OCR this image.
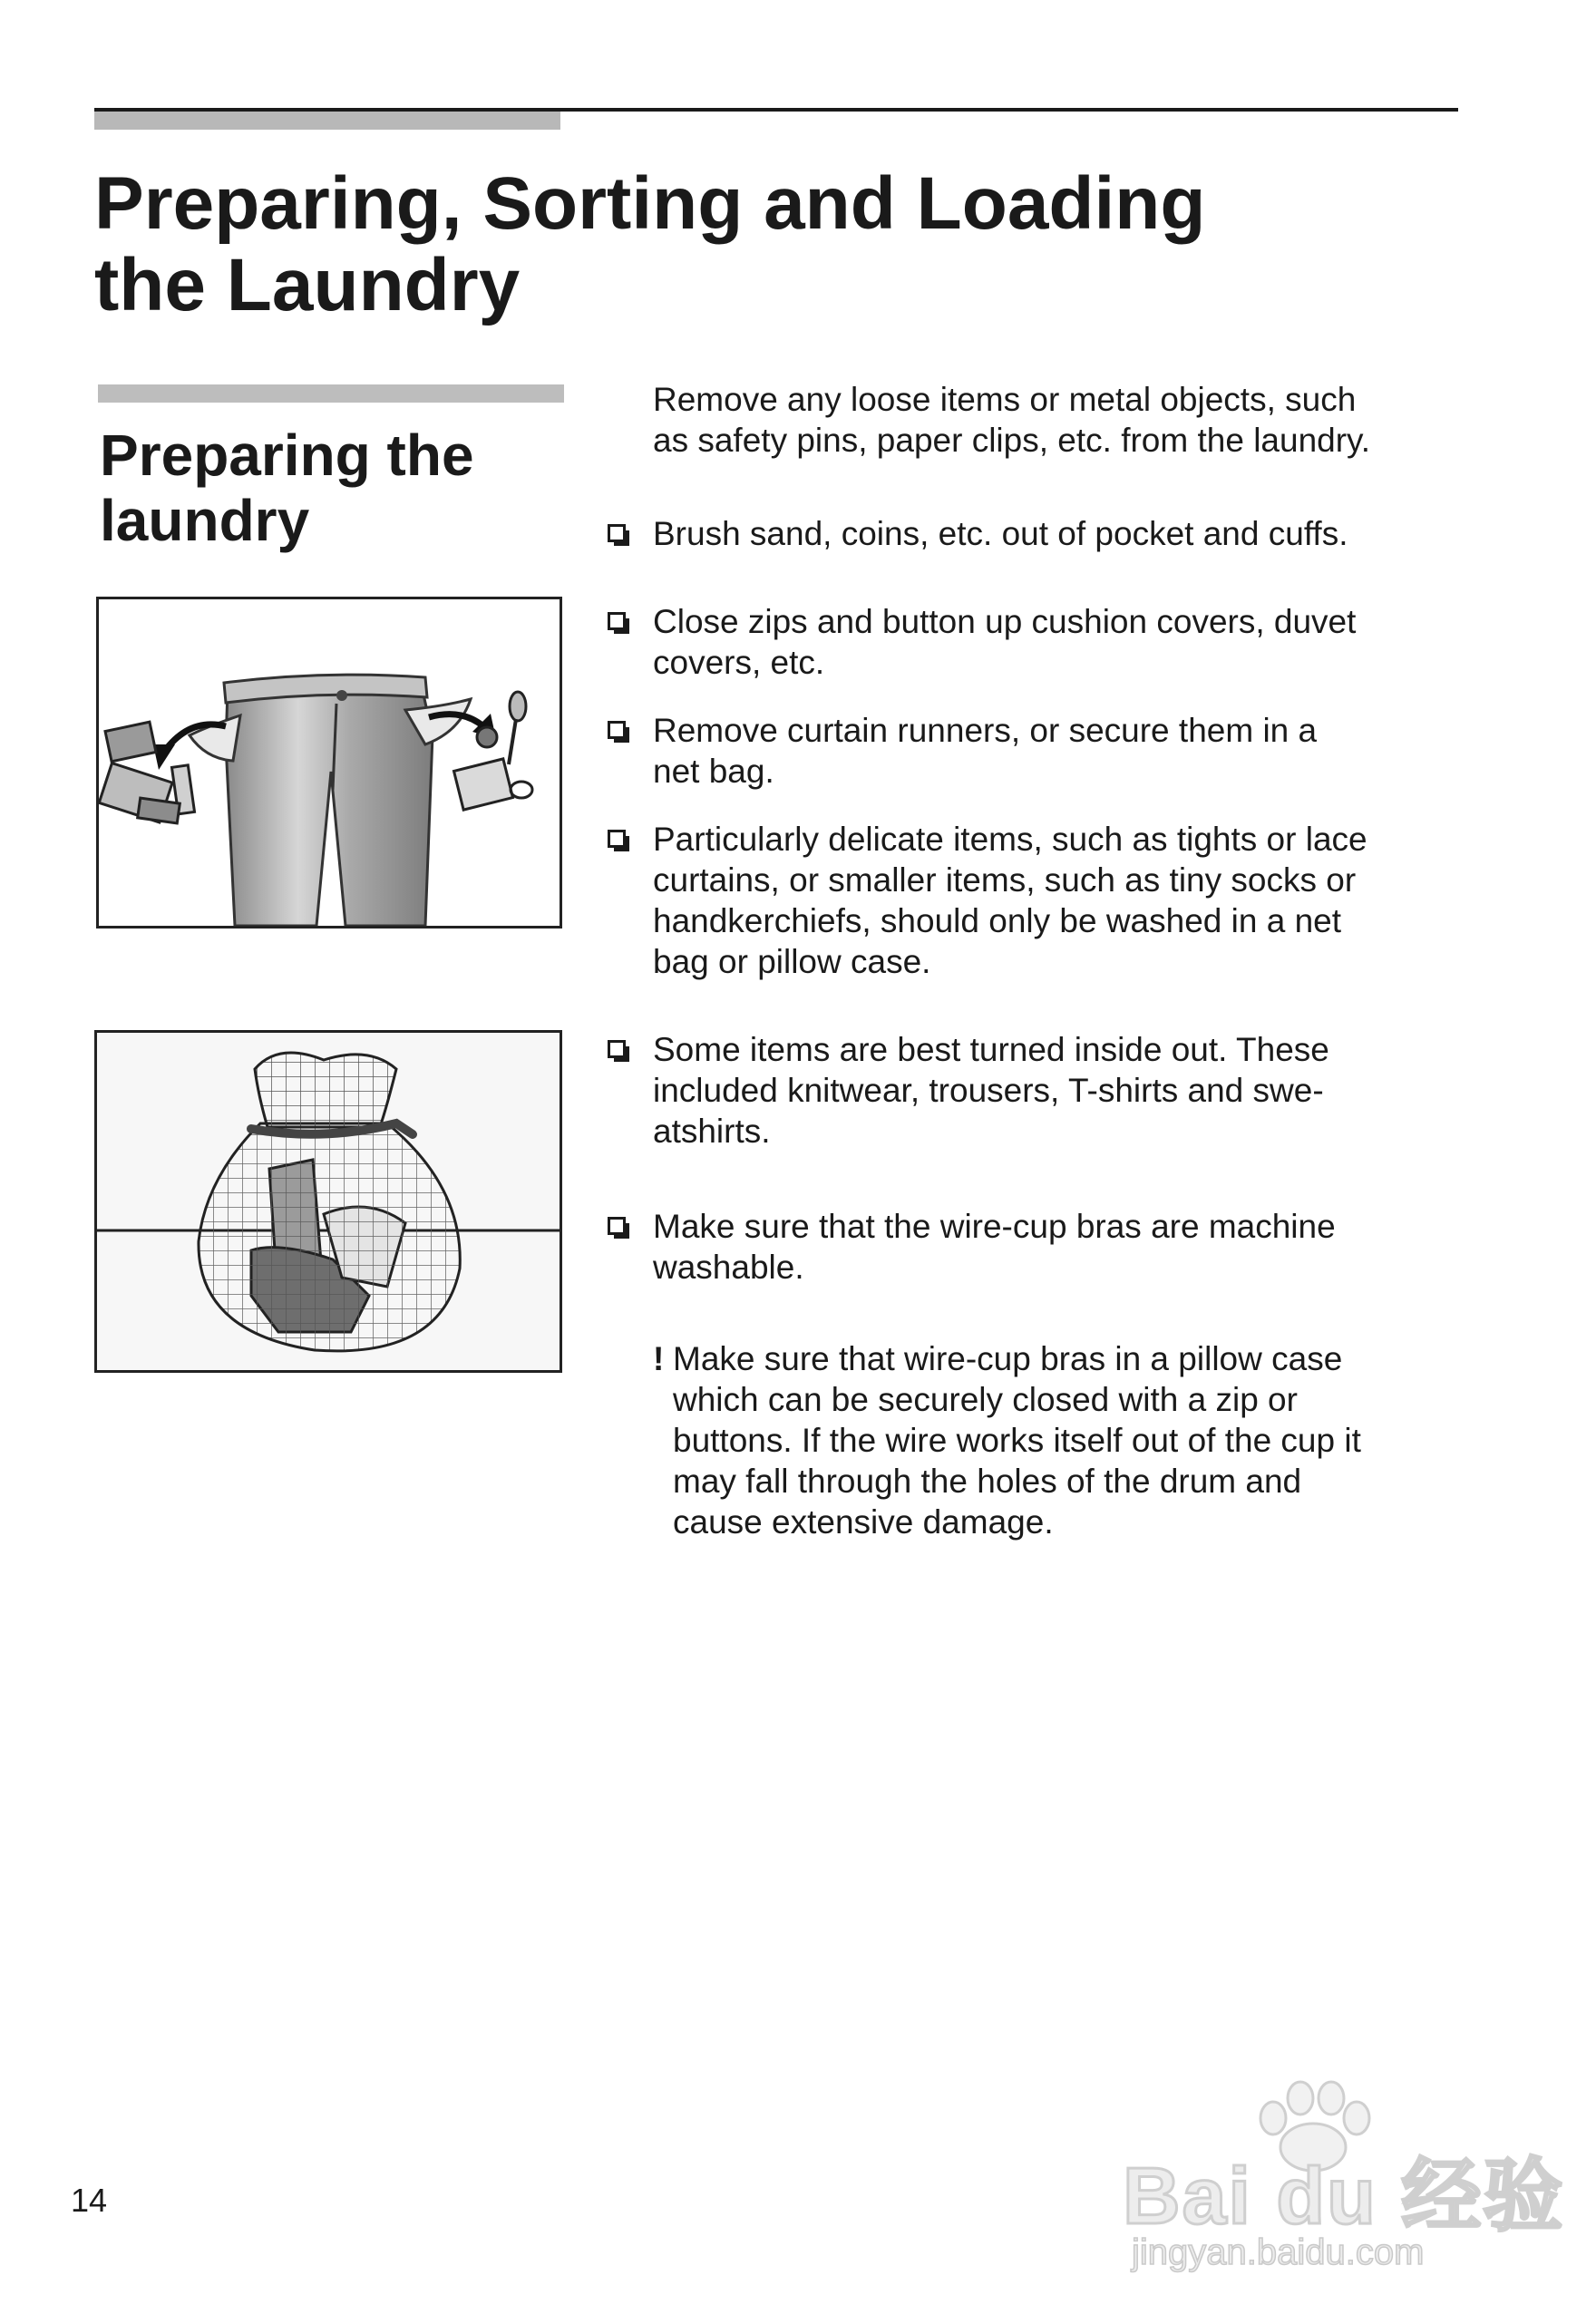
Preparing, Sorting and Loading
the Laundry
Preparing the
laundry

Remove any loose items or metal objects, such
as safety pins, paper clips, etc. from the laundry.

Brush sand, coins, etc. out of pocket and cuffs.

Close zips and button up cushion covers, duvet
covers, etc.

Remove curtain runners, or secure them in a
net bag.

Particularly delicate items, such as tights or lace
curtains, or smaller items, such as tiny socks or
handkerchiefs, should only be washed in a net
bag or pillow case.

Some items are best turned inside out. These
included knitwear, trousers, T-shirts and swe-
atshirts.

Make sure that the wire-cup bras are machine
washable.

! Make sure that wire-cup bras in a pillow case
which can be securely closed with a zip or
buttons. If the wire works itself out of the cup it
may fall through the holes of the drum and
cause extensive damage.

14	Bai du 经验
jingyan.baidu.com
